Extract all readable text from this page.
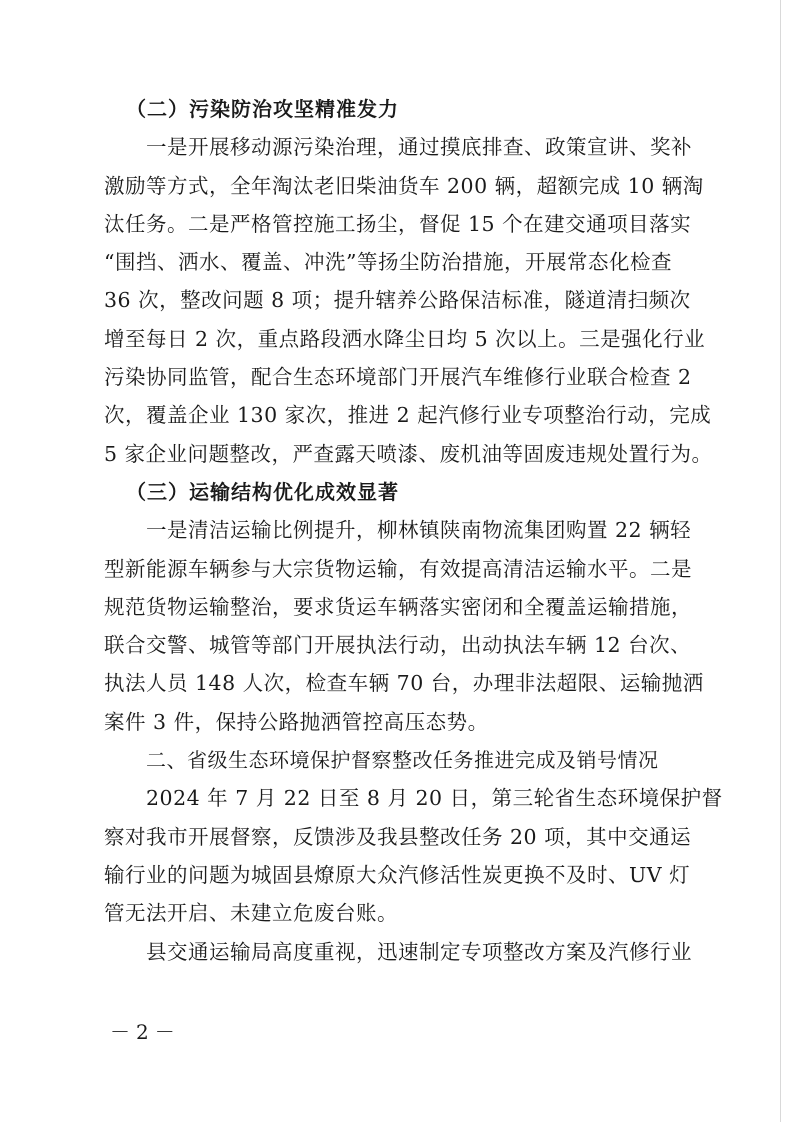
（二）污染防治攻坚精准发力
一是开展移动源污染治理，通过摸底排查、政策宣讲、奖补
激励等方式，全年淘汰老旧柴油货车 200 辆，超额完成 10 辆淘
汰任务。二是严格管控施工扬尘，督促 15 个在建交通项目落实
“围挡、洒水、覆盖、冲洗”等扬尘防治措施，开展常态化检查
36 次，整改问题 8 项；提升辖养公路保洁标准，隧道清扫频次
增至每日 2 次，重点路段洒水降尘日均 5 次以上。三是强化行业
污染协同监管，配合生态环境部门开展汽车维修行业联合检查 2
次，覆盖企业 130 家次，推进 2 起汽修行业专项整治行动，完成
5 家企业问题整改，严查露天喷漆、废机油等固废违规处置行为。
（三）运输结构优化成效显著
一是清洁运输比例提升，柳林镇陕南物流集团购置 22 辆轻
型新能源车辆参与大宗货物运输，有效提高清洁运输水平。二是
规范货物运输整治，要求货运车辆落实密闭和全覆盖运输措施，
联合交警、城管等部门开展执法行动，出动执法车辆 12 台次、
执法人员 148 人次，检查车辆 70 台，办理非法超限、运输抛洒
案件 3 件，保持公路抛洒管控高压态势。
二、省级生态环境保护督察整改任务推进完成及销号情况
2024 年 7 月 22 日至 8 月 20 日，第三轮省生态环境保护督
察对我市开展督察，反馈涉及我县整改任务 20 项，其中交通运
输行业的问题为城固县燎原大众汽修活性炭更换不及时、UV 灯
管无法开启、未建立危废台账。
县交通运输局高度重视，迅速制定专项整改方案及汽修行业
－2－
